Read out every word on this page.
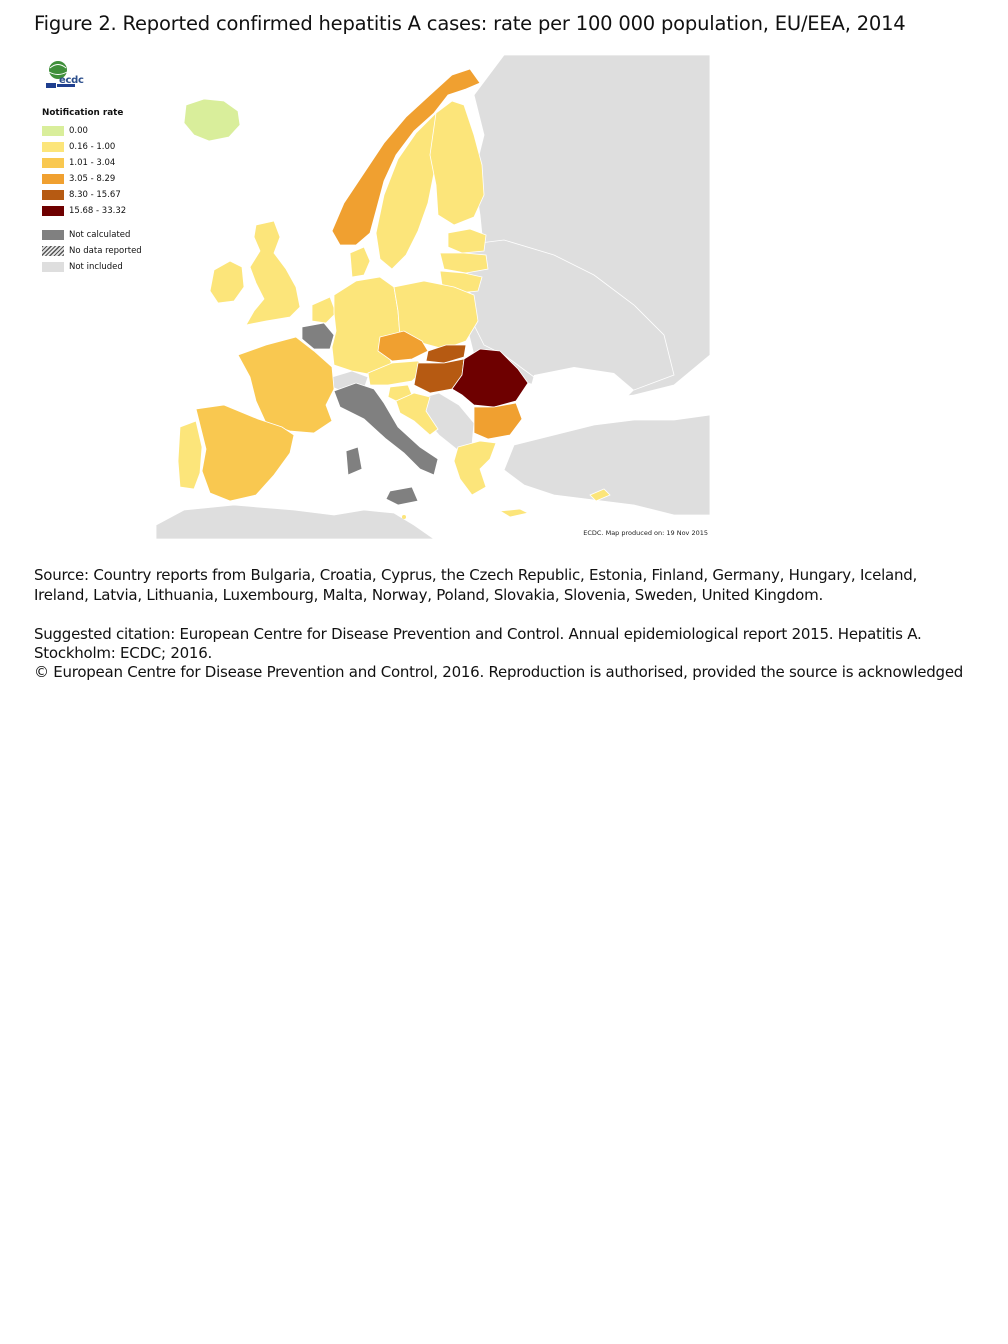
Figure 2. Reported confirmed hepatitis A cases: rate per 100 000 population, EU/EEA, 2014
ecdc
Notification rate
0.00
0.16 - 1.00
1.01 - 3.04
3.05 - 8.29
8.30 - 15.67
15.68 - 33.32
Not calculated
No data reported
Not included
ECDC. Map produced on: 19 Nov 2015
Source: Country reports from Bulgaria, Croatia, Cyprus, the Czech Republic, Estonia, Finland, Germany, Hungary, Iceland, Ireland, Latvia, Lithuania, Luxembourg, Malta, Norway, Poland, Slovakia, Slovenia, Sweden, United Kingdom.
Suggested citation: European Centre for Disease Prevention and Control. Annual epidemiological report 2015. Hepatitis A.
Stockholm: ECDC; 2016.
© European Centre for Disease Prevention and Control, 2016. Reproduction is authorised, provided the source is acknowledged
